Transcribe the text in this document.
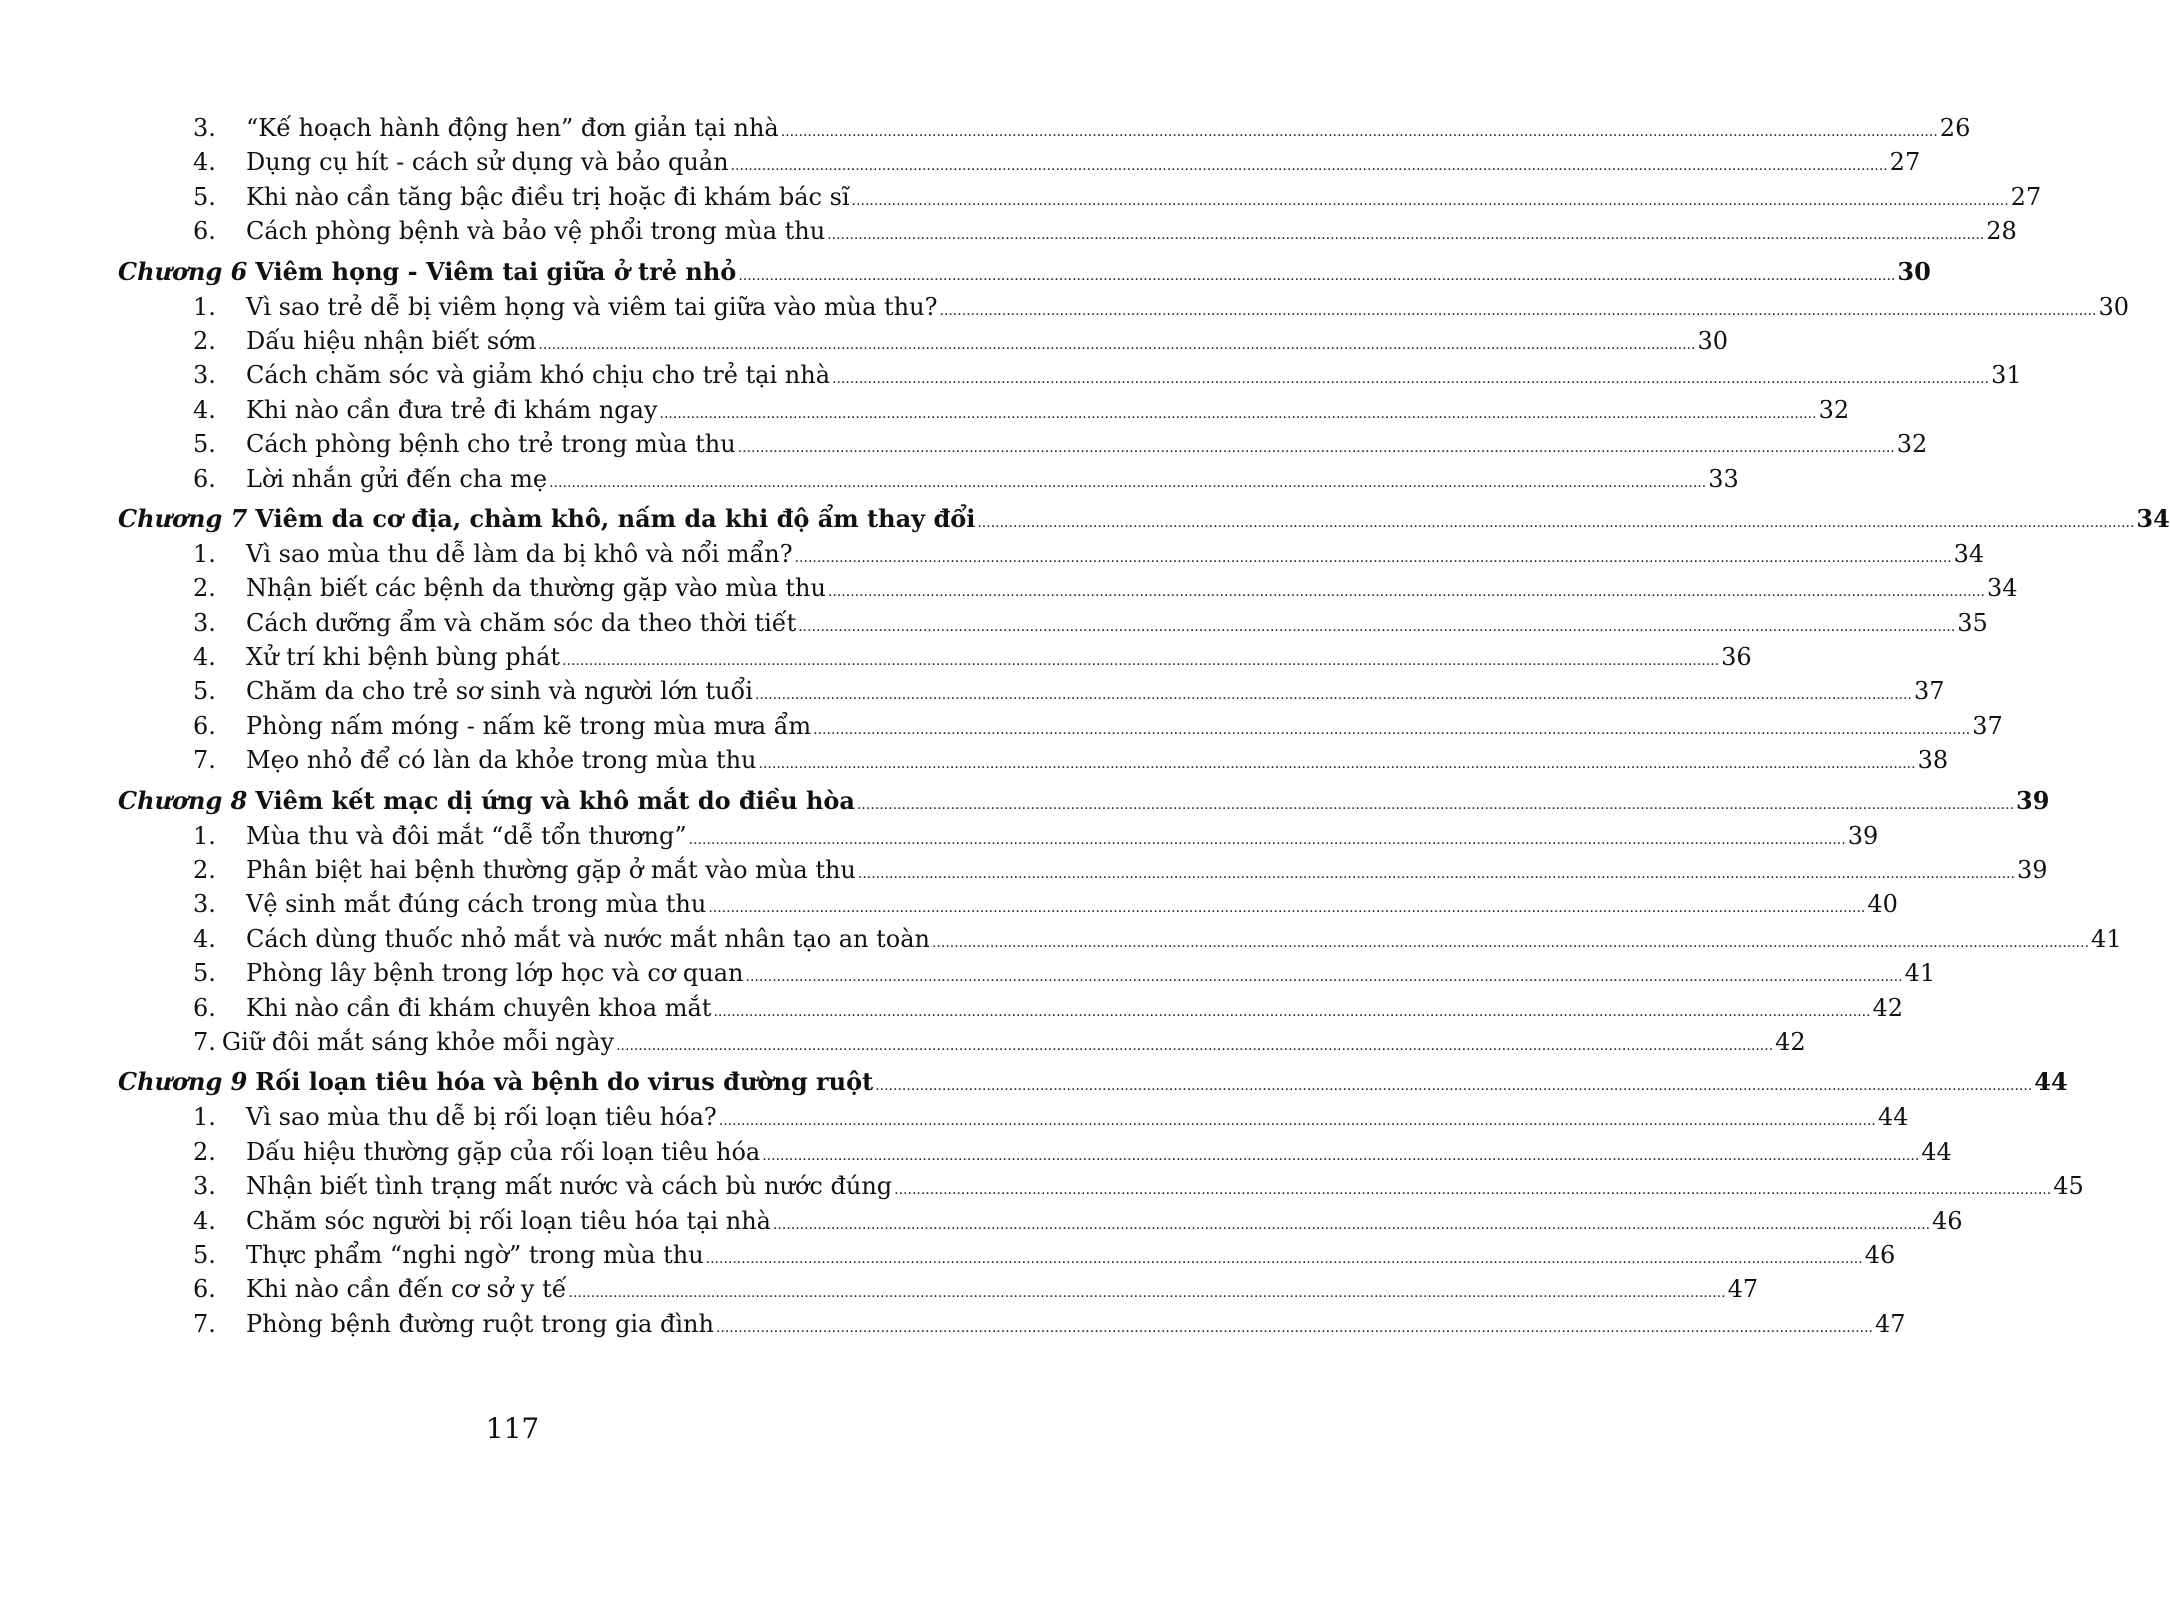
3.	“Kế hoạch hành động hen” đơn giản tại nhà .....	26
4.	Dụng cụ hít - cách sử dụng và bảo quản .....	27
5.	Khi nào cần tăng bậc điều trị hoặc đi khám bác sĩ .....	27
6.	Cách phòng bệnh và bảo vệ phổi trong mùa thu .....	28
Chương 6 Viêm họng - Viêm tai giữa ở trẻ nhỏ .....	30
1.	Vì sao trẻ dễ bị viêm họng và viêm tai giữa vào mùa thu? .....	30
2.	Dấu hiệu nhận biết sớm .....	30
3.	Cách chăm sóc và giảm khó chịu cho trẻ tại nhà .....	31
4.	Khi nào cần đưa trẻ đi khám ngay .....	32
5.	Cách phòng bệnh cho trẻ trong mùa thu .....	32
6.	Lời nhắn gửi đến cha mẹ .....	33
Chương 7 Viêm da cơ địa, chàm khô, nấm da khi độ ẩm thay đổi .....	34
1.	Vì sao mùa thu dễ làm da bị khô và nổi mẩn? .....	34
2.	Nhận biết các bệnh da thường gặp vào mùa thu .....	34
3.	Cách dưỡng ẩm và chăm sóc da theo thời tiết .....	35
4.	Xử trí khi bệnh bùng phát .....	36
5.	Chăm da cho trẻ sơ sinh và người lớn tuổi .....	37
6.	Phòng nấm móng - nấm kẽ trong mùa mưa ẩm .....	37
7.	Mẹo nhỏ để có làn da khỏe trong mùa thu .....	38
Chương 8 Viêm kết mạc dị ứng và khô mắt do điều hòa .....	39
1.	Mùa thu và đôi mắt “dễ tổn thương” .....	39
2.	Phân biệt hai bệnh thường gặp ở mắt vào mùa thu .....	39
3.	Vệ sinh mắt đúng cách trong mùa thu .....	40
4.	Cách dùng thuốc nhỏ mắt và nước mắt nhân tạo an toàn .....	41
5.	Phòng lây bệnh trong lớp học và cơ quan .....	41
6.	Khi nào cần đi khám chuyên khoa mắt .....	42
7. Giữ đôi mắt sáng khỏe mỗi ngày .....	42
Chương 9 Rối loạn tiêu hóa và bệnh do virus đường ruột .....	44
1.	Vì sao mùa thu dễ bị rối loạn tiêu hóa? .....	44
2.	Dấu hiệu thường gặp của rối loạn tiêu hóa .....	44
3.	Nhận biết tình trạng mất nước và cách bù nước đúng .....	45
4.	Chăm sóc người bị rối loạn tiêu hóa tại nhà .....	46
5.	Thực phẩm “nghi ngờ” trong mùa thu .....	46
6.	Khi nào cần đến cơ sở y tế .....	47
7.	Phòng bệnh đường ruột trong gia đình .....	47
117
